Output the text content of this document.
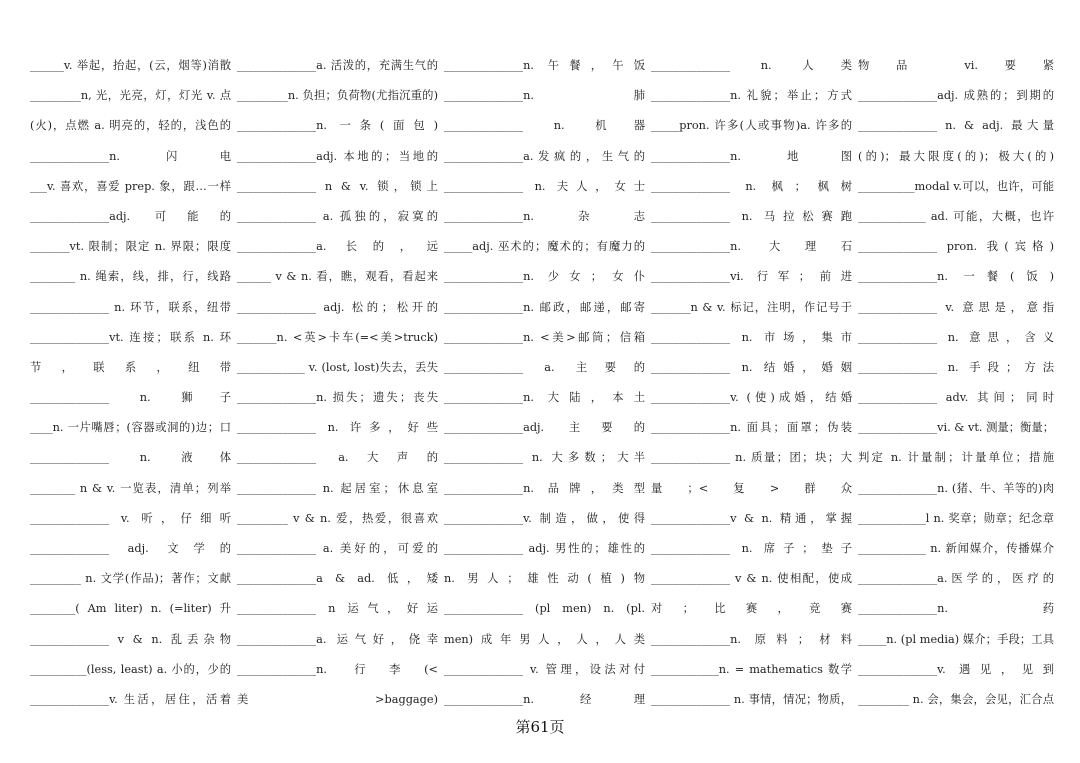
______v. 举起，抬起，(云，烟等)消散
_________n, 光，光亮，灯，灯光 v. 点
(火)，点燃 a. 明亮的，轻的，浅色的
______________n. 闪电
___v. 喜欢，喜爱 prep. 象，跟…一样
______________adj. 可能的
_______vt. 限制；限定 n. 界限；限度
________ n. 绳索，线，排，行，线路
______________ n. 环节，联系，纽带
______________vt. 连接；联系 n. 环
节，联系，纽带
______________ n. 狮子
____n. 一片嘴唇；(容器或洞的)边；口
______________ n. 液体
________ n & v. 一览表，清单；列举
______________ v. 听，仔细听
______________ adj. 文学的
_________ n. 文学(作品)；著作；文献
________( Am liter) n. (=liter) 升
______________ v & n. 乱丢杂物
__________(less, least) a. 小的，少的
______________v. 生活，居住，活着
______________a. 活泼的，充满生气的
_________n. 负担；负荷物(尤指沉重的)
______________n. 一条(面包)
______________adj. 本地的；当地的
______________ n & v. 锁，锁上
______________ a. 孤独的，寂寞的
______________a. 长的，远
______ v & n. 看，瞧，观看，看起来
______________ adj. 松的；松开的
_______n. <英>卡车(=<美>truck)
____________ v. (lost, lost)失去，丢失
______________n. 损失；遗失；丧失
______________ n. 许多，好些
______________ a.大声的
______________ n. 起居室；休息室
_________ v & n. 爱，热爱，很喜欢
______________ a. 美好的，可爱的
______________a & ad. 低，矮
______________ n 运气，好运
______________a. 运气好，侥幸
______________n. 行李(<
美>baggage)
______________n. 午餐，午饭
______________n. 肺
______________ n. 机器
______________a.发疯的，生气的
______________ n. 夫人，女士
______________n.杂志
_____adj. 巫术的；魔术的；有魔力的
______________n. 少女；女仆
______________n. 邮政，邮递，邮寄
______________n. <美>邮筒；信箱
______________ a. 主要的
______________n. 大陆，本土
______________adj. 主要的
______________ n. 大多数；大半
______________n. 品牌，类型
______________v. 制造，做，使得
______________ adj. 男性的；雄性的
n. 男人；雄性动(植)物
______________ (pl men) n. (pl.
men)成年男人，人，人类
______________ v. 管理，设法对付
______________n. 经理
______________ n. 人类
______________n. 礼貌；举止；方式
_____pron. 许多(人或事物)a. 许多的
______________n. 地图
______________ n. 枫；枫树
______________ n. 马拉松赛跑
______________n. 大理石
______________vi. 行军；前进
_______n & v. 标记，注明，作记号于
______________ n. 市场，集市
______________ n. 结婚，婚姻
______________v. (使)成婚，结婚
______________n. 面具；面罩；伪装
______________ n. 质量；团；块；大
量；<复>群众
______________v & n. 精通，掌握
______________ n. 席子；垫子
______________ v & n. 使相配，使成
对；比赛，竞赛
______________n. 原料；材料
____________n. = mathematics 数学
______________ n. 事情，情况；物质，
物品 vi.要紧
______________adj. 成熟的；到期的
______________ n. & adj. 最大量
(的)；最大限度(的)；极大(的)
__________modal v.可以，也许，可能
____________ ad. 可能，大概，也许
______________ pron. 我(宾格)
______________n. 一餐(饭)
______________ v. 意思是，意指
______________ n. 意思，含义
______________ n. 手段；方法
______________ adv. 其间；同时
______________vi. & vt. 测量；衡量；
判定 n. 计量制；计量单位；措施
______________n. (猪、牛、羊等的)肉
____________l n. 奖章；勋章；纪念章
____________ n. 新闻媒介，传播媒介
______________a.医学的，医疗的
______________n. 药
_____n. (pl media) 媒介；手段；工具
______________v. 遇见，见到
_________ n. 会，集会，会见，汇合点
第61页
